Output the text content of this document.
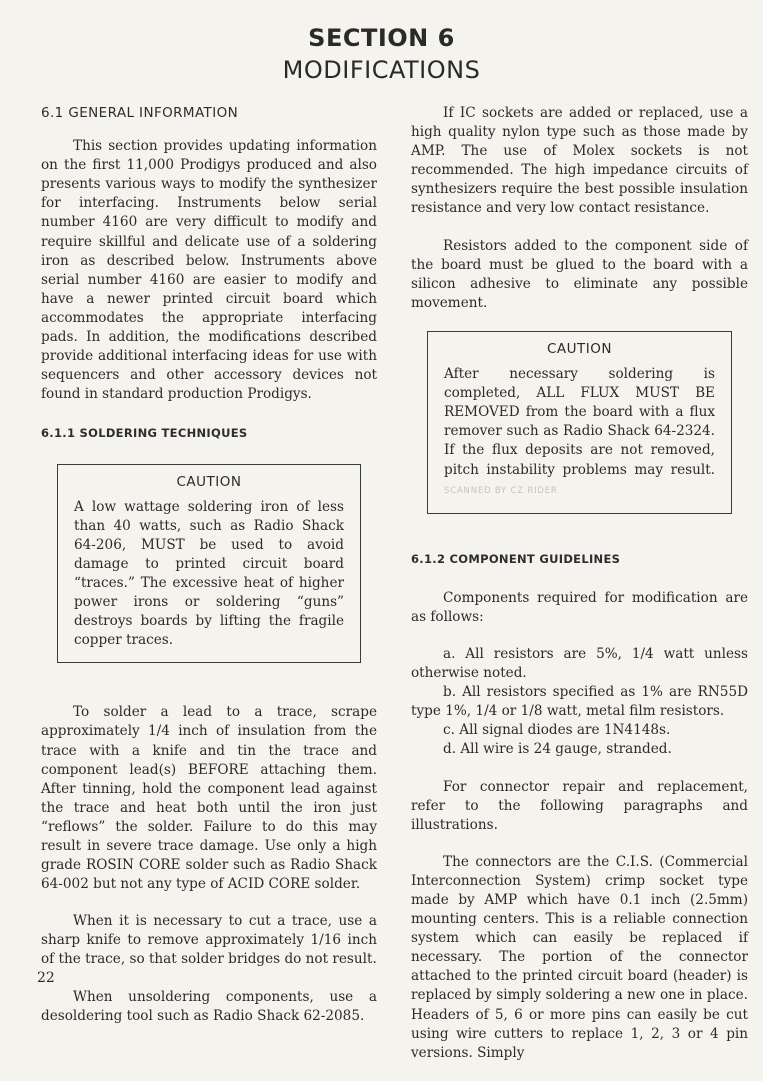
SECTION 6
MODIFICATIONS
6.1 GENERAL INFORMATION

This section provides updating information on the first 11,000 Prodigys produced and also presents various ways to modify the synthesizer for interfacing. Instruments below serial number 4160 are very difficult to modify and require skillful and delicate use of a soldering iron as described below. Instruments above serial number 4160 are easier to modify and have a newer printed circuit board which accommodates the appropriate interfacing pads. In addition, the modifications described provide additional interfacing ideas for use with sequencers and other accessory devices not found in standard production Prodigys.

6.1.1 SOLDERING TECHNIQUES
CAUTION

A low wattage soldering iron of less than 40 watts, such as Radio Shack 64-206, MUST be used to avoid damage to printed circuit board “traces.” The excessive heat of higher power irons or soldering “guns” destroys boards by lifting the fragile copper traces.

To solder a lead to a trace, scrape approximately 1/4 inch of insulation from the trace with a knife and tin the trace and component lead(s) BEFORE attaching them. After tinning, hold the component lead against the trace and heat both until the iron just “reflows” the solder. Failure to do this may result in severe trace damage. Use only a high grade ROSIN CORE solder such as Radio Shack 64-002 but not any type of ACID CORE solder.

When it is necessary to cut a trace, use a sharp knife to remove approximately 1/16 inch of the trace, so that solder bridges do not result.

When unsoldering components, use a desoldering tool such as Radio Shack 62-2085.

If IC sockets are added or replaced, use a high quality nylon type such as those made by AMP. The use of Molex sockets is not recommended. The high impedance circuits of synthesizers require the best possible insulation resistance and very low contact resistance.

Resistors added to the component side of the board must be glued to the board with a silicon adhesive to eliminate any possible movement.

CAUTION

After necessary soldering is completed, ALL FLUX MUST BE REMOVED from the board with a flux remover such as Radio Shack 64-2324. If the flux deposits are not removed, pitch instability problems may result. SCANNED BY CZ RIDER

6.1.2 COMPONENT GUIDELINES

Components required for modification are as follows:

a. All resistors are 5%, 1/4 watt unless otherwise noted.

b. All resistors specified as 1% are RN55D type 1%, 1/4 or 1/8 watt, metal film resistors.

c. All signal diodes are 1N4148s.

d. All wire is 24 gauge, stranded.

For connector repair and replacement, refer to the following paragraphs and illustrations.

The connectors are the C.I.S. (Commercial Interconnection System) crimp socket type made by AMP which have 0.1 inch (2.5mm) mounting centers. This is a reliable connection system which can easily be replaced if necessary. The portion of the connector attached to the printed circuit board (header) is replaced by simply soldering a new one in place. Headers of 5, 6 or more pins can easily be cut using wire cutters to replace 1, 2, 3 or 4 pin versions. Simply

22
